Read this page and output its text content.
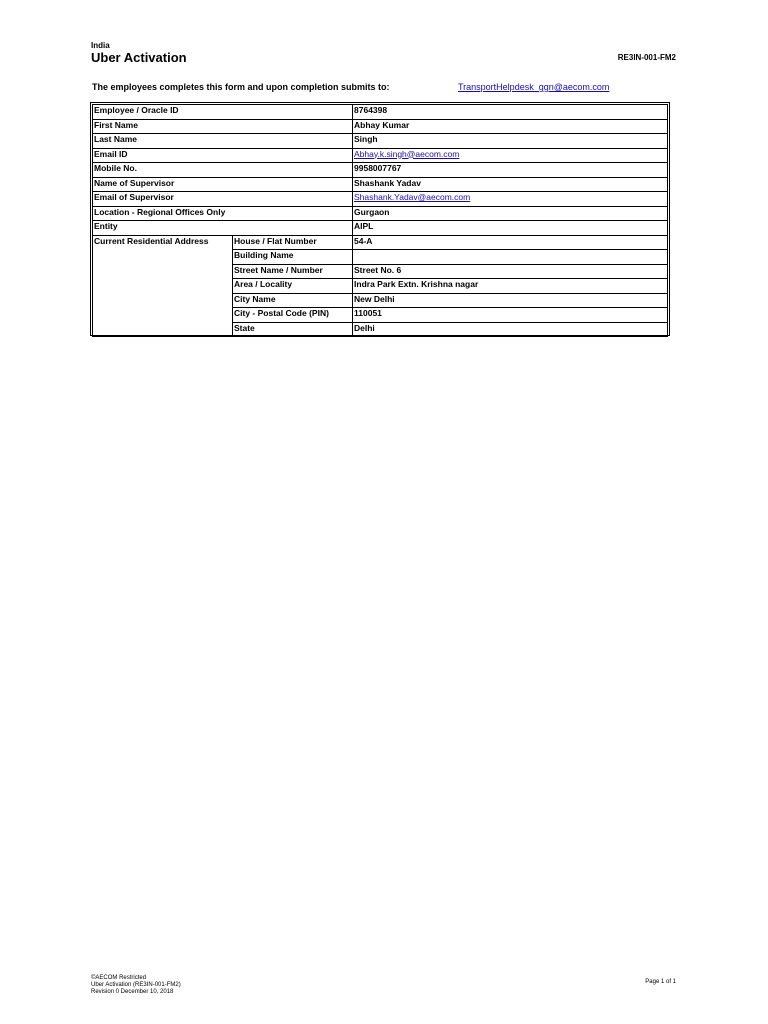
India
Uber Activation	RE3IN-001-FM2
The employees completes this form and upon completion submits to:	TransportHelpdesk_ggn@aecom.com
Employee / Oracle ID		8764398
First Name		Abhay Kumar
Last Name		Singh
Email ID		Abhay.k.singh@aecom.com
Mobile No.		9958007767
Name of Supervisor		Shashank Yadav
Email of Supervisor		Shashank.Yadav@aecom.com
Location - Regional Offices Only		Gurgaon
Entity		AIPL
Current Residential Address	House / Flat Number	54-A
	Building Name	
	Street Name / Number	Street No. 6
	Area / Locality	Indra Park Extn. Krishna nagar
	City Name	New Delhi
	City - Postal Code (PIN)	110051
	State	Delhi
©AECOM Restricted
Uber Activation (RE3IN-001-FM2)
Revision 0 December 10, 2018
Page 1 of 1
